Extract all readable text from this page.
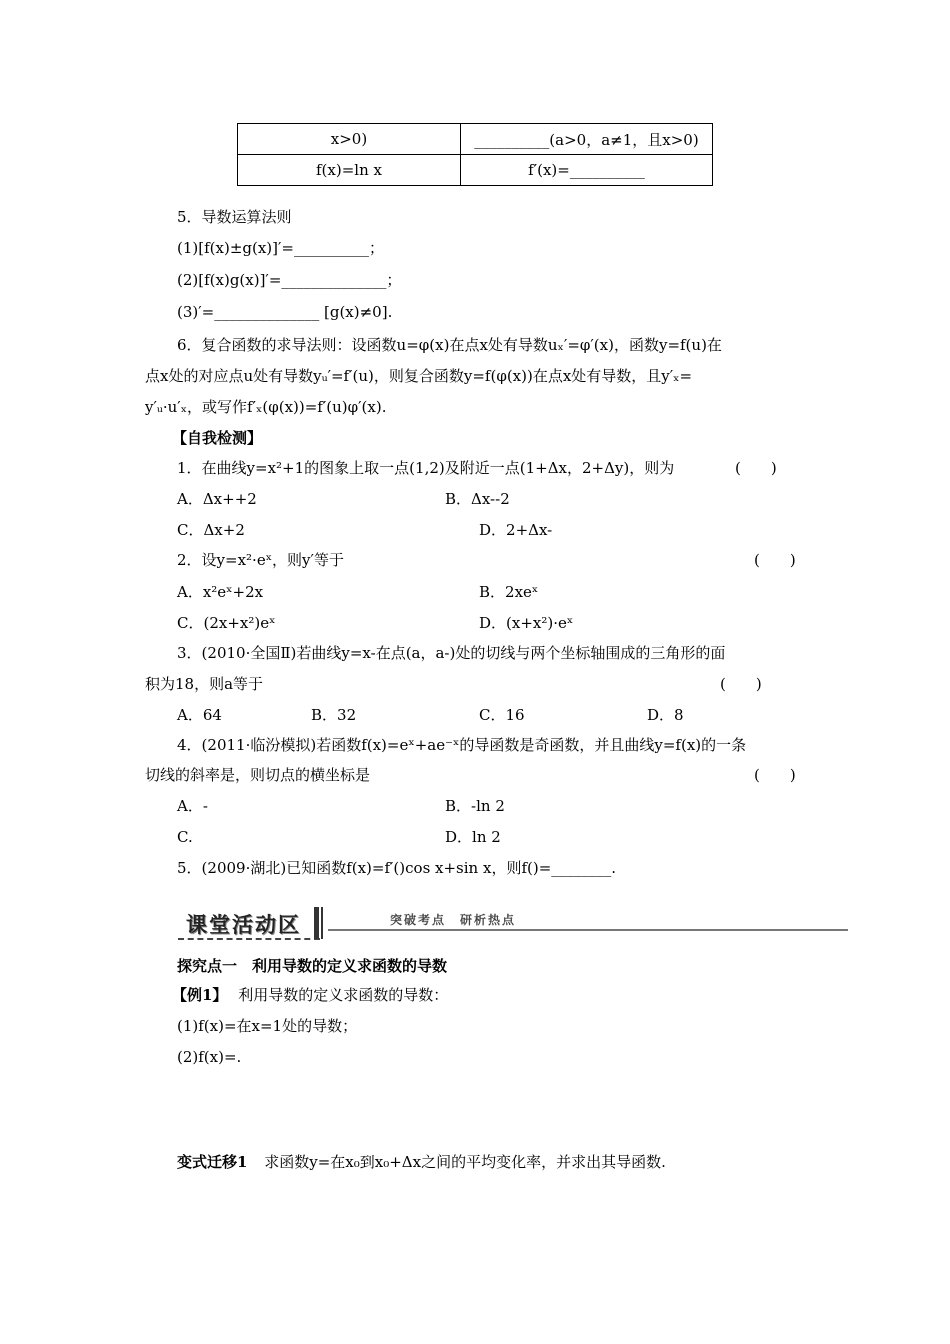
x>0)	__________(a>0，a≠1，且x>0)
f(x)=ln x	f′(x)=__________
5．导数运算法则
(1)[f(x)±g(x)]′=__________；
(2)[f(x)g(x)]′=______________；
(3)′=______________ [g(x)≠0].
6．复合函数的求导法则：设函数u=φ(x)在点x处有导数uₓ′=φ′(x)，函数y=f(u)在
点x处的对应点u处有导数yᵤ′=f′(u)，则复合函数y=f(φ(x))在点x处有导数，且y′ₓ=
y′ᵤ·u′ₓ，或写作f′ₓ(φ(x))=f′(u)φ′(x).
【自我检测】
1．在曲线y=x²+1的图象上取一点(1,2)及附近一点(1+Δx，2+Δy)，则为	(　　)
A．Δx++2	B．Δx--2
C．Δx+2	D．2+Δx-
2．设y=x²·eˣ，则y′等于	(　　)
A．x²eˣ+2x	B．2xeˣ
C．(2x+x²)eˣ	D．(x+x²)·eˣ
3．(2010·全国Ⅱ)若曲线y=x-在点(a，a-)处的切线与两个坐标轴围成的三角形的面
积为18，则a等于	(　　)
A．64	B．32	C．16	D．8
4．(2011·临汾模拟)若函数f(x)=eˣ+ae⁻ˣ的导函数是奇函数，并且曲线y=f(x)的一条
切线的斜率是，则切点的横坐标是	(　　)
A．-	B．-ln 2
C.	D．ln 2
5．(2009·湖北)已知函数f(x)=f′()cos x+sin x，则f()=________.
课堂活动区	突破考点　研析热点
探究点一　利用导数的定义求函数的导数
【例1】 利用导数的定义求函数的导数：
(1)f(x)=在x=1处的导数；
(2)f(x)=.
变式迁移1 求函数y=在x₀到x₀+Δx之间的平均变化率，并求出其导函数.
